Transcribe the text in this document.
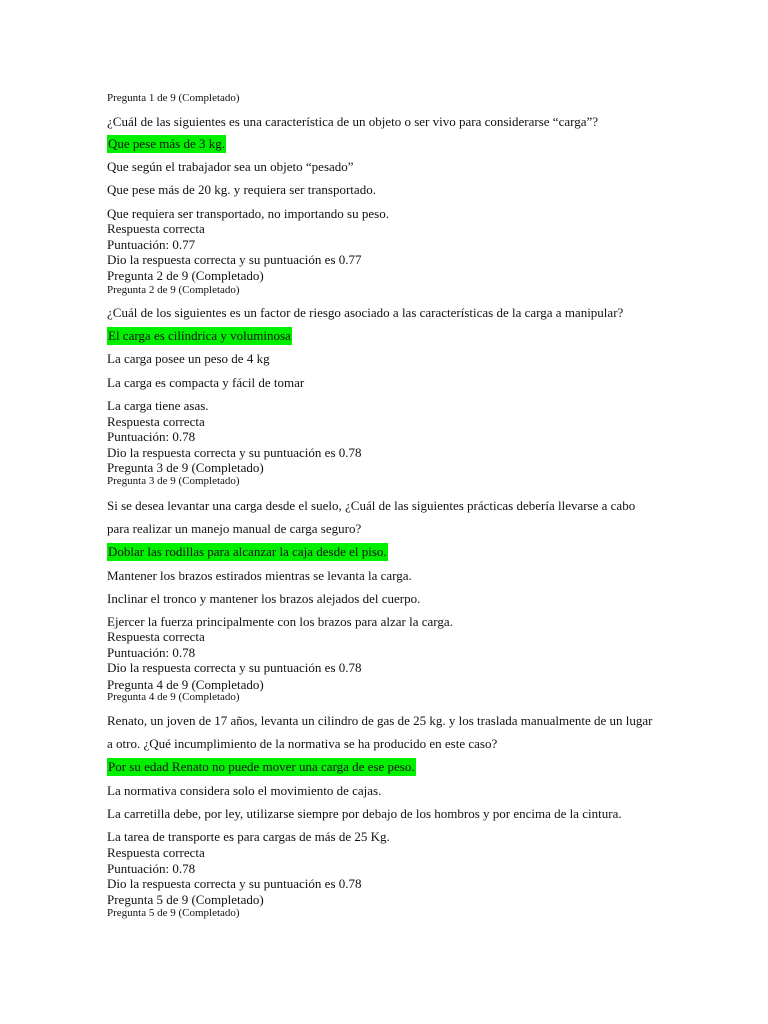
Pregunta 1 de 9 (Completado)
¿Cuál de las siguientes es una característica de un objeto o ser vivo para considerarse “carga”?
Que pese más de 3 kg.
Que según el trabajador sea un objeto “pesado”
Que pese más de 20 kg. y requiera ser transportado.
Que requiera ser transportado, no importando su peso.
Respuesta correcta
Puntuación: 0.77
Dio la respuesta correcta y su puntuación es 0.77
Pregunta 2 de 9 (Completado)
Pregunta 2 de 9 (Completado)
¿Cuál de los siguientes es un factor de riesgo asociado a las características de la carga a manipular?
El carga es cilíndrica y voluminosa
La carga posee un peso de 4 kg
La carga es compacta y fácil de tomar
La carga tiene asas.
Respuesta correcta
Puntuación: 0.78
Dio la respuesta correcta y su puntuación es 0.78
Pregunta 3 de 9 (Completado)
Pregunta 3 de 9 (Completado)
Si se desea levantar una carga desde el suelo, ¿Cuál de las siguientes prácticas debería llevarse a cabo
para realizar un manejo manual de carga seguro?
Doblar las rodillas para alcanzar la caja desde el piso.
Mantener los brazos estirados mientras se levanta la carga.
Inclinar el tronco y mantener los brazos alejados del cuerpo.
Ejercer la fuerza principalmente con los brazos para alzar la carga.
Respuesta correcta
Puntuación: 0.78
Dio la respuesta correcta y su puntuación es 0.78
Pregunta 4 de 9 (Completado)
Pregunta 4 de 9 (Completado)
Renato, un joven de 17 años, levanta un cilindro de gas de 25 kg. y los traslada manualmente de un lugar
a otro. ¿Qué incumplimiento de la normativa se ha producido en este caso?
Por su edad Renato no puede mover una carga de ese peso.
La normativa considera solo el movimiento de cajas.
La carretilla debe, por ley, utilizarse siempre por debajo de los hombros y por encima de la cintura.
La tarea de transporte es para cargas de más de 25 Kg.
Respuesta correcta
Puntuación: 0.78
Dio la respuesta correcta y su puntuación es 0.78
Pregunta 5 de 9 (Completado)
Pregunta 5 de 9 (Completado)
